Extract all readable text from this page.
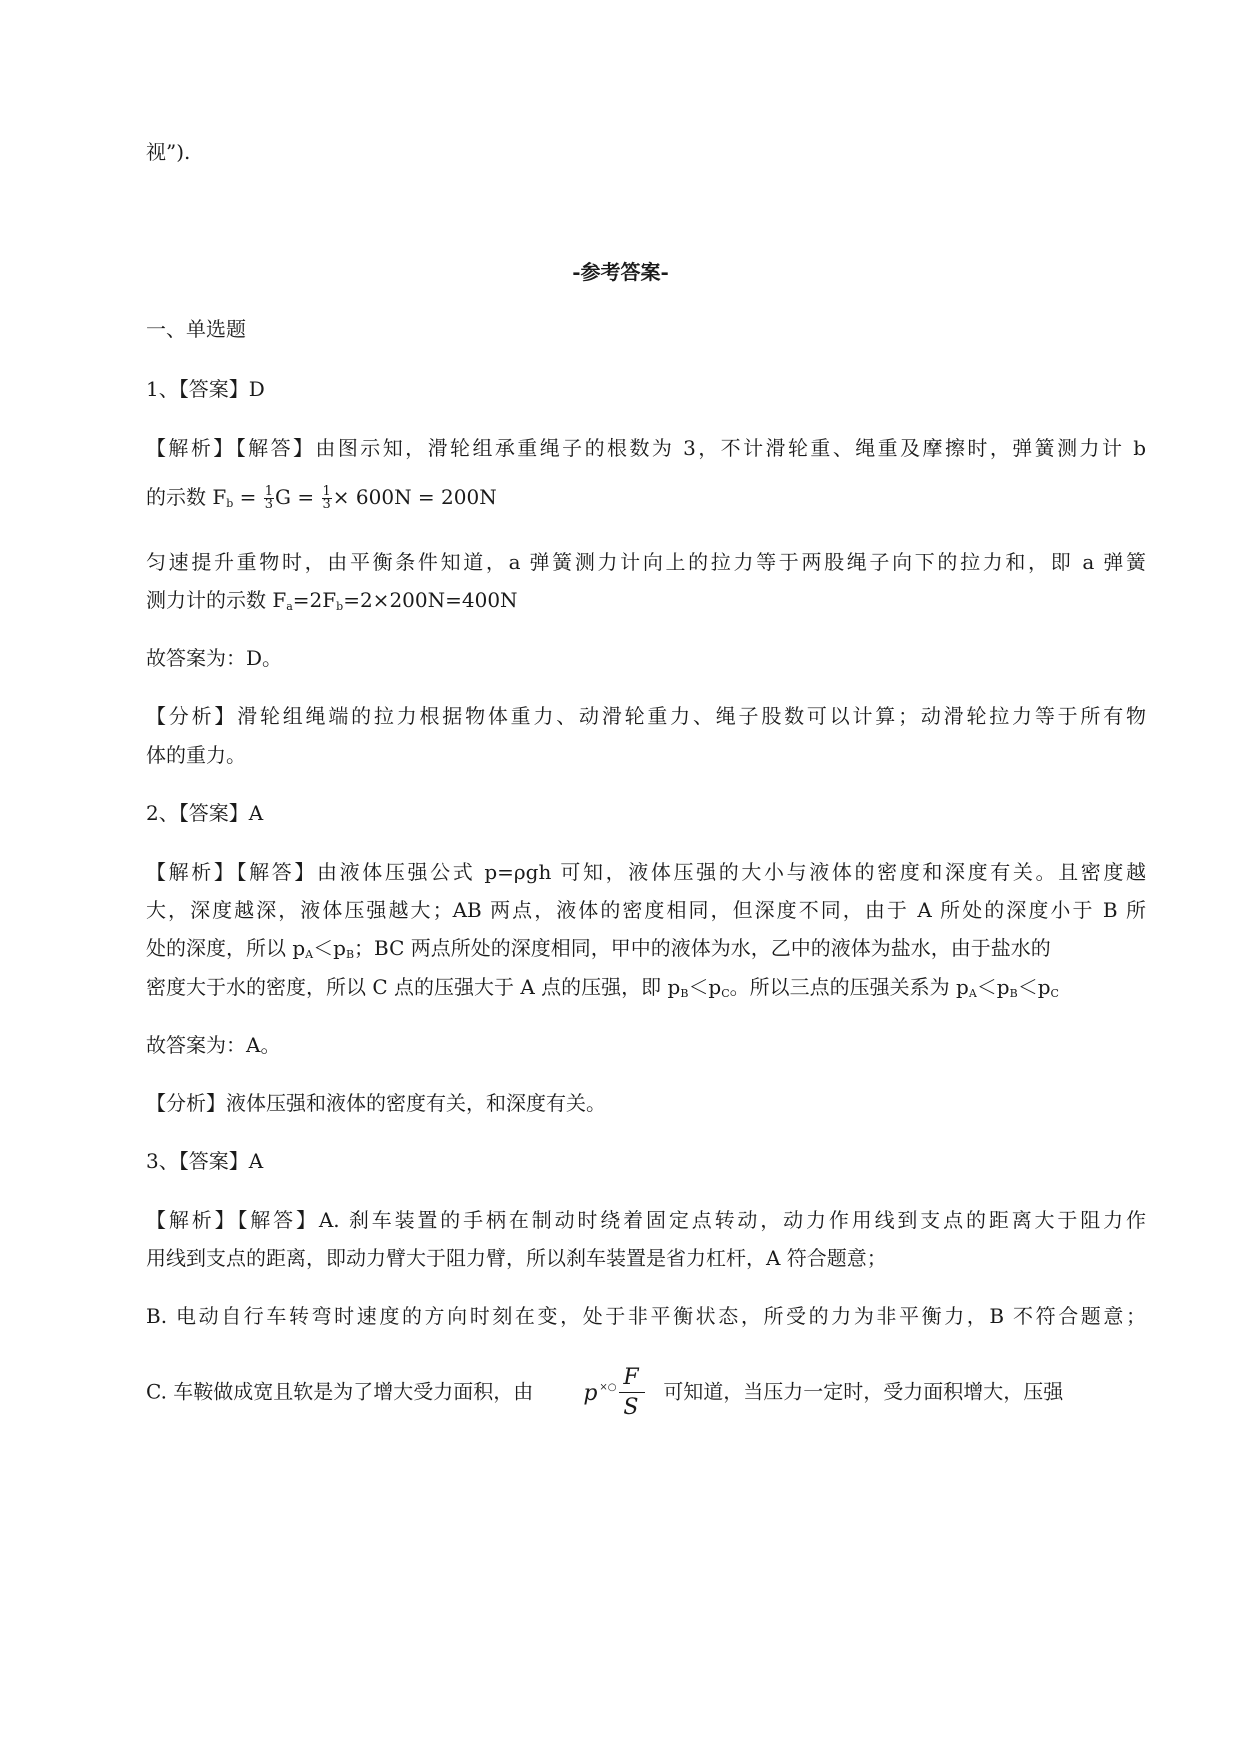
视”).
-参考答案-
一、单选题
1、【答案】D
【解析】【解答】由图示知，滑轮组承重绳子的根数为 3，不计滑轮重、绳重及摩擦时，弹簧测力计 b
的示数 $F_b = \frac{1}{3}$ $G = \frac{1}{3} \times 600N = 200N$
匀速提升重物时，由平衡条件知道，a 弹簧测力计向上的拉力等于两股绳子向下的拉力和，即 a 弹簧
测力计的示数 $F_a=2F_b=2\times 200N=400N$
故答案为：D。
【分析】滑轮组绳端的拉力根据物体重力、动滑轮重力、绳子股数可以计算；动滑轮拉力等于所有物
体的重力。
2、【答案】A
【解析】【解答】由液体压强公式 p=ρgh 可知，液体压强的大小与液体的密度和深度有关。且密度越
大，深度越深，液体压强越大；AB 两点，液体的密度相同，但深度不同，由于 A 所处的深度小于 B 所
处的深度，所以 $p_A<p_B$；BC 两点所处的深度相同，甲中的液体为水，乙中的液体为盐水，由于盐水的
密度大于水的密度，所以 C 点的压强大于 A 点的压强，即 $p_B<p_C$。所以三点的压强关系为 $p_A<p_B<p_C$
故答案为：A。
【分析】液体压强和液体的密度有关，和深度有关。
3、【答案】A
【解析】【解答】A. 刹车装置的手柄在制动时绕着固定点转动，动力作用线到支点的距离大于阻力作
用线到支点的距离，即动力臂大于阻力臂，所以刹车装置是省力杠杆，A 符合题意；
B. 电动自行车转弯时速度的方向时刻在变，处于非平衡状态，所受的力为非平衡力，B 不符合题意；
C. 车鞍做成宽且软是为了增大受力面积，由 p ×○ F
S
可知道，当压力一定时，受力面积增大，压强
